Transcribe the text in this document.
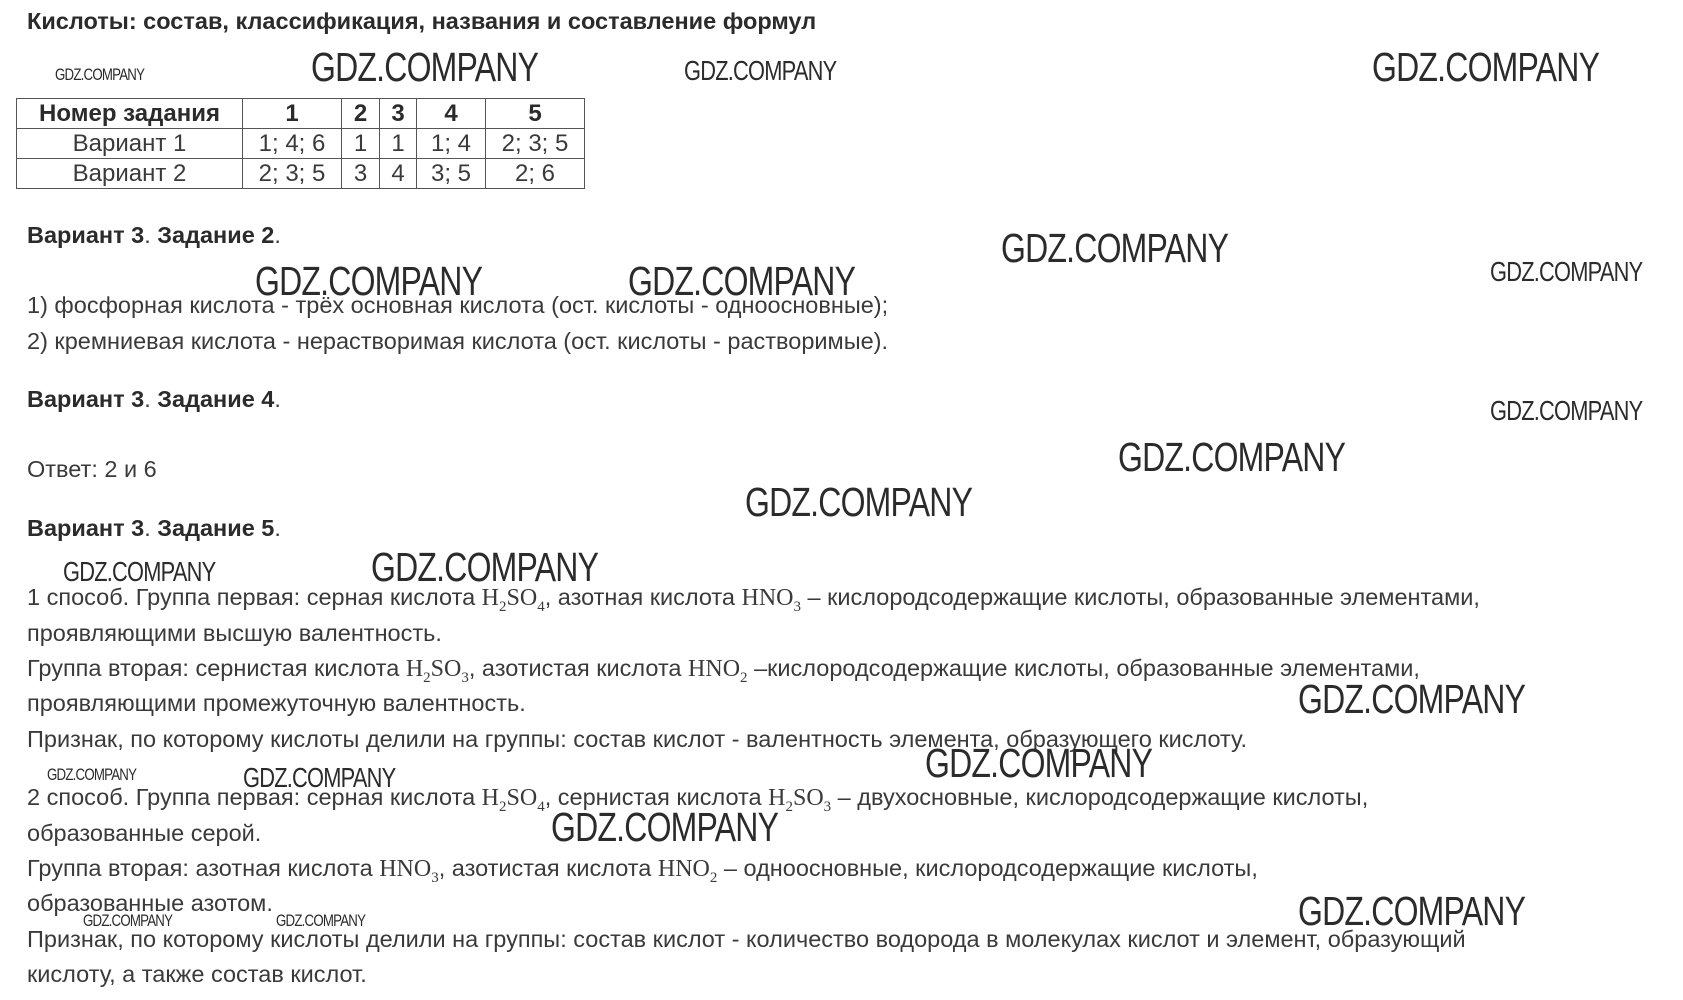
Кислоты: состав, классификация, названия и составление формул
Номер задания	1	2	3	4	5
Вариант 1	1; 4; 6	1	1	1; 4	2; 3; 5
Вариант 2	2; 3; 5	3	4	3; 5	2; 6
Вариант 3. Задание 2.
1) фосфорная кислота - трёх основная кислота (ост. кислоты - одноосновные);
2) кремниевая кислота - нерастворимая кислота (ост. кислоты - растворимые).
Вариант 3. Задание 4.
Ответ: 2 и 6
Вариант 3. Задание 5.
1 способ. Группа первая: серная кислота $H_2SO_4$, азотная кислота $HNO_3$ – кислородсодержащие кислоты, образованные элементами,
проявляющими высшую валентность.
Группа вторая: сернистая кислота $H_2SO_3$, азотистая кислота $HNO_2$ –кислородсодержащие кислоты, образованные элементами,
проявляющими промежуточную валентность.
Признак, по которому кислоты делили на группы: состав кислот - валентность элемента, образующего кислоту.
2 способ. Группа первая: серная кислота $H_2SO_4$, сернистая кислота $H_2SO_3$ – двухосновные, кислородсодержащие кислоты,
образованные серой.
Группа вторая: азотная кислота $HNO_3$, азотистая кислота $HNO_2$ – одноосновные, кислородсодержащие кислоты,
образованные азотом.
Признак, по которому кислоты делили на группы: состав кислот - количество водорода в молекулах кислот и элемент, образующий
кислоту, а также состав кислот.
GDZ.COMPANY	GDZ.COMPANY	GDZ.COMPANY	GDZ.COMPANY
GDZ.COMPANY
GDZ.COMPANY	GDZ.COMPANY	GDZ.COMPANY
GDZ.COMPANY
GDZ.COMPANY
GDZ.COMPANY
GDZ.COMPANY	GDZ.COMPANY
GDZ.COMPANY
GDZ.COMPANY	GDZ.COMPANY	GDZ.COMPANY
GDZ.COMPANY
GDZ.COMPANY	GDZ.COMPANY	GDZ.COMPANY
